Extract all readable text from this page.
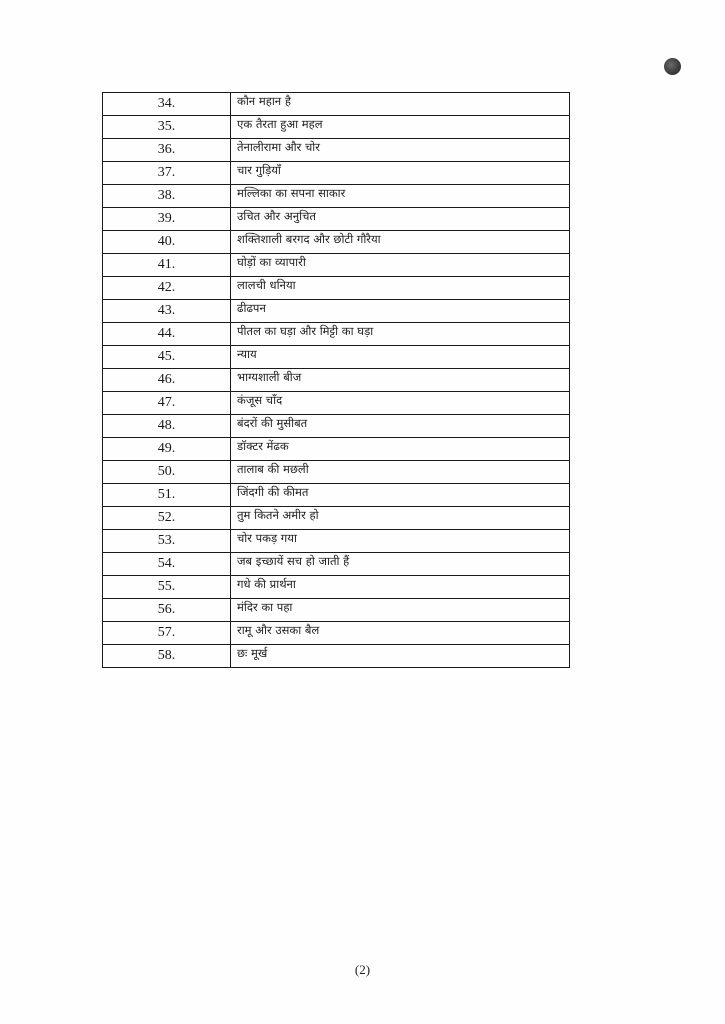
34.	कौन महान है
35.	एक तैरता हुआ महल
36.	तेनालीरामा और चोर
37.	चार गुड़ियाँ
38.	मल्लिका का सपना साकार
39.	उचित और अनुचित
40.	शक्तिशाली बरगद और छोटी गौरैया
41.	घोड़ों का व्यापारी
42.	लालची धनिया
43.	ढीढपन
44.	पीतल का घड़ा और मिट्टी का घड़ा
45.	न्याय
46.	भाग्यशाली बीज
47.	कंजूस चाँद
48.	बंदरों की मुसीबत
49.	डॉक्टर मेंढक
50.	तालाब की मछली
51.	जिंदगी की कीमत
52.	तुम कितने अमीर हो
53.	चोर पकड़ गया
54.	जब इच्छायें सच हो जाती हैं
55.	गधे की प्रार्थना
56.	मंदिर का पहा
57.	रामू और उसका बैल
58.	छः मूर्ख
(2)
